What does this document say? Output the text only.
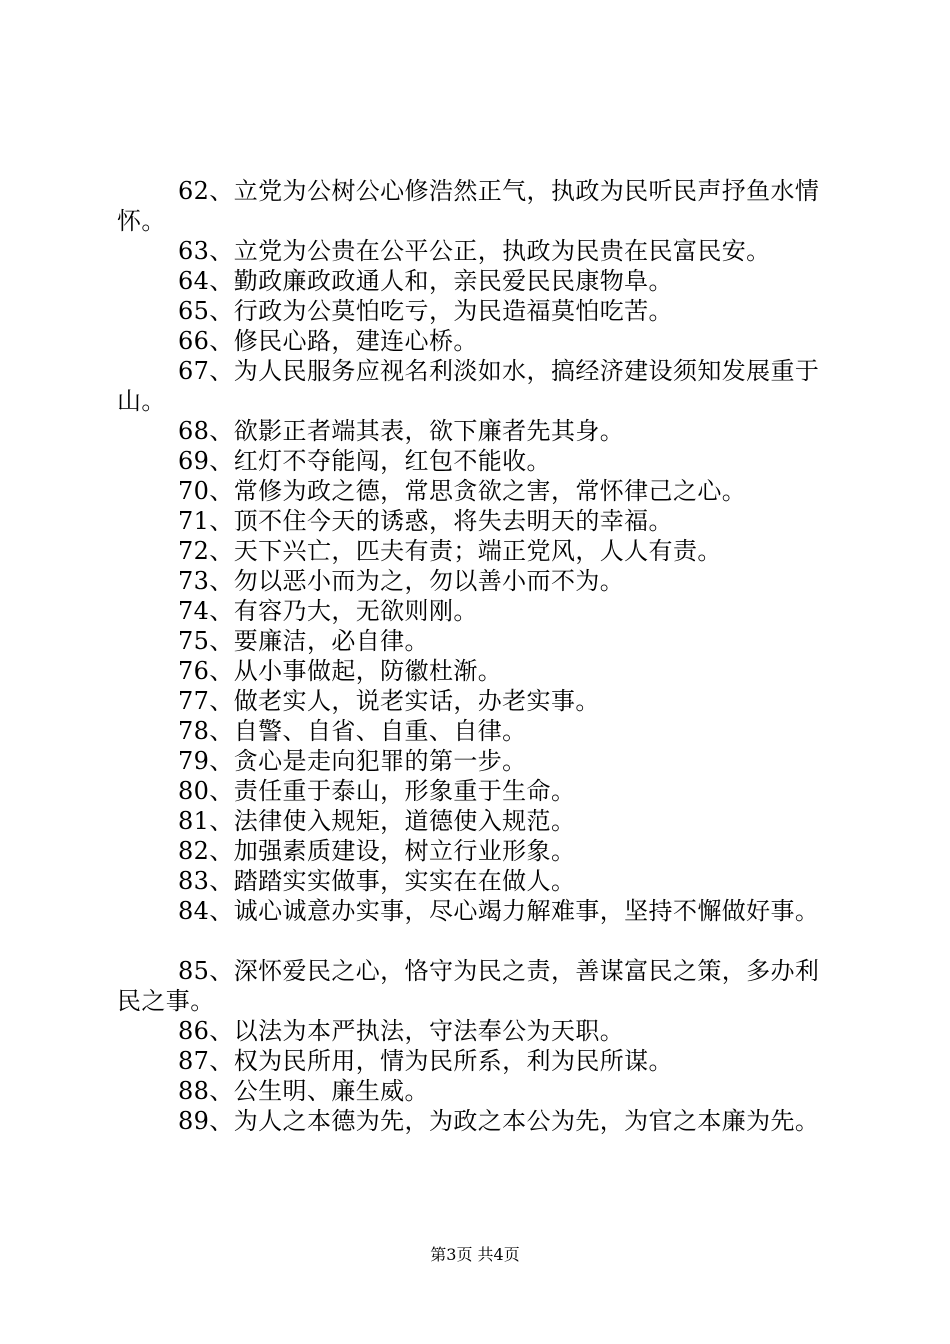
62、立党为公树公心修浩然正气，执政为民听民声抒鱼水情怀。

63、立党为公贵在公平公正，执政为民贵在民富民安。

64、勤政廉政政通人和，亲民爱民民康物阜。

65、行政为公莫怕吃亏，为民造福莫怕吃苦。

66、修民心路，建连心桥。

67、为人民服务应视名利淡如水，搞经济建设须知发展重于山。

68、欲影正者端其表，欲下廉者先其身。

69、红灯不夺能闯，红包不能收。

70、常修为政之德，常思贪欲之害，常怀律己之心。

71、顶不住今天的诱惑，将失去明天的幸福。

72、天下兴亡，匹夫有责；端正党风，人人有责。

73、勿以恶小而为之，勿以善小而不为。

74、有容乃大，无欲则刚。

75、要廉洁，必自律。

76、从小事做起，防徽杜渐。

77、做老实人，说老实话，办老实事。

78、自警、自省、自重、自律。

79、贪心是走向犯罪的第一步。

80、责任重于泰山，形象重于生命。

81、法律使入规矩，道德使入规范。

82、加强素质建设，树立行业形象。

83、踏踏实实做事，实实在在做人。

84、诚心诚意办实事，尽心竭力解难事，坚持不懈做好事。

85、深怀爱民之心，恪守为民之责，善谋富民之策，多办利民之事。

86、以法为本严执法，守法奉公为天职。

87、权为民所用，情为民所系，利为民所谋。

88、公生明、廉生威。

89、为人之本德为先，为政之本公为先，为官之本廉为先。

第3页 共4页
